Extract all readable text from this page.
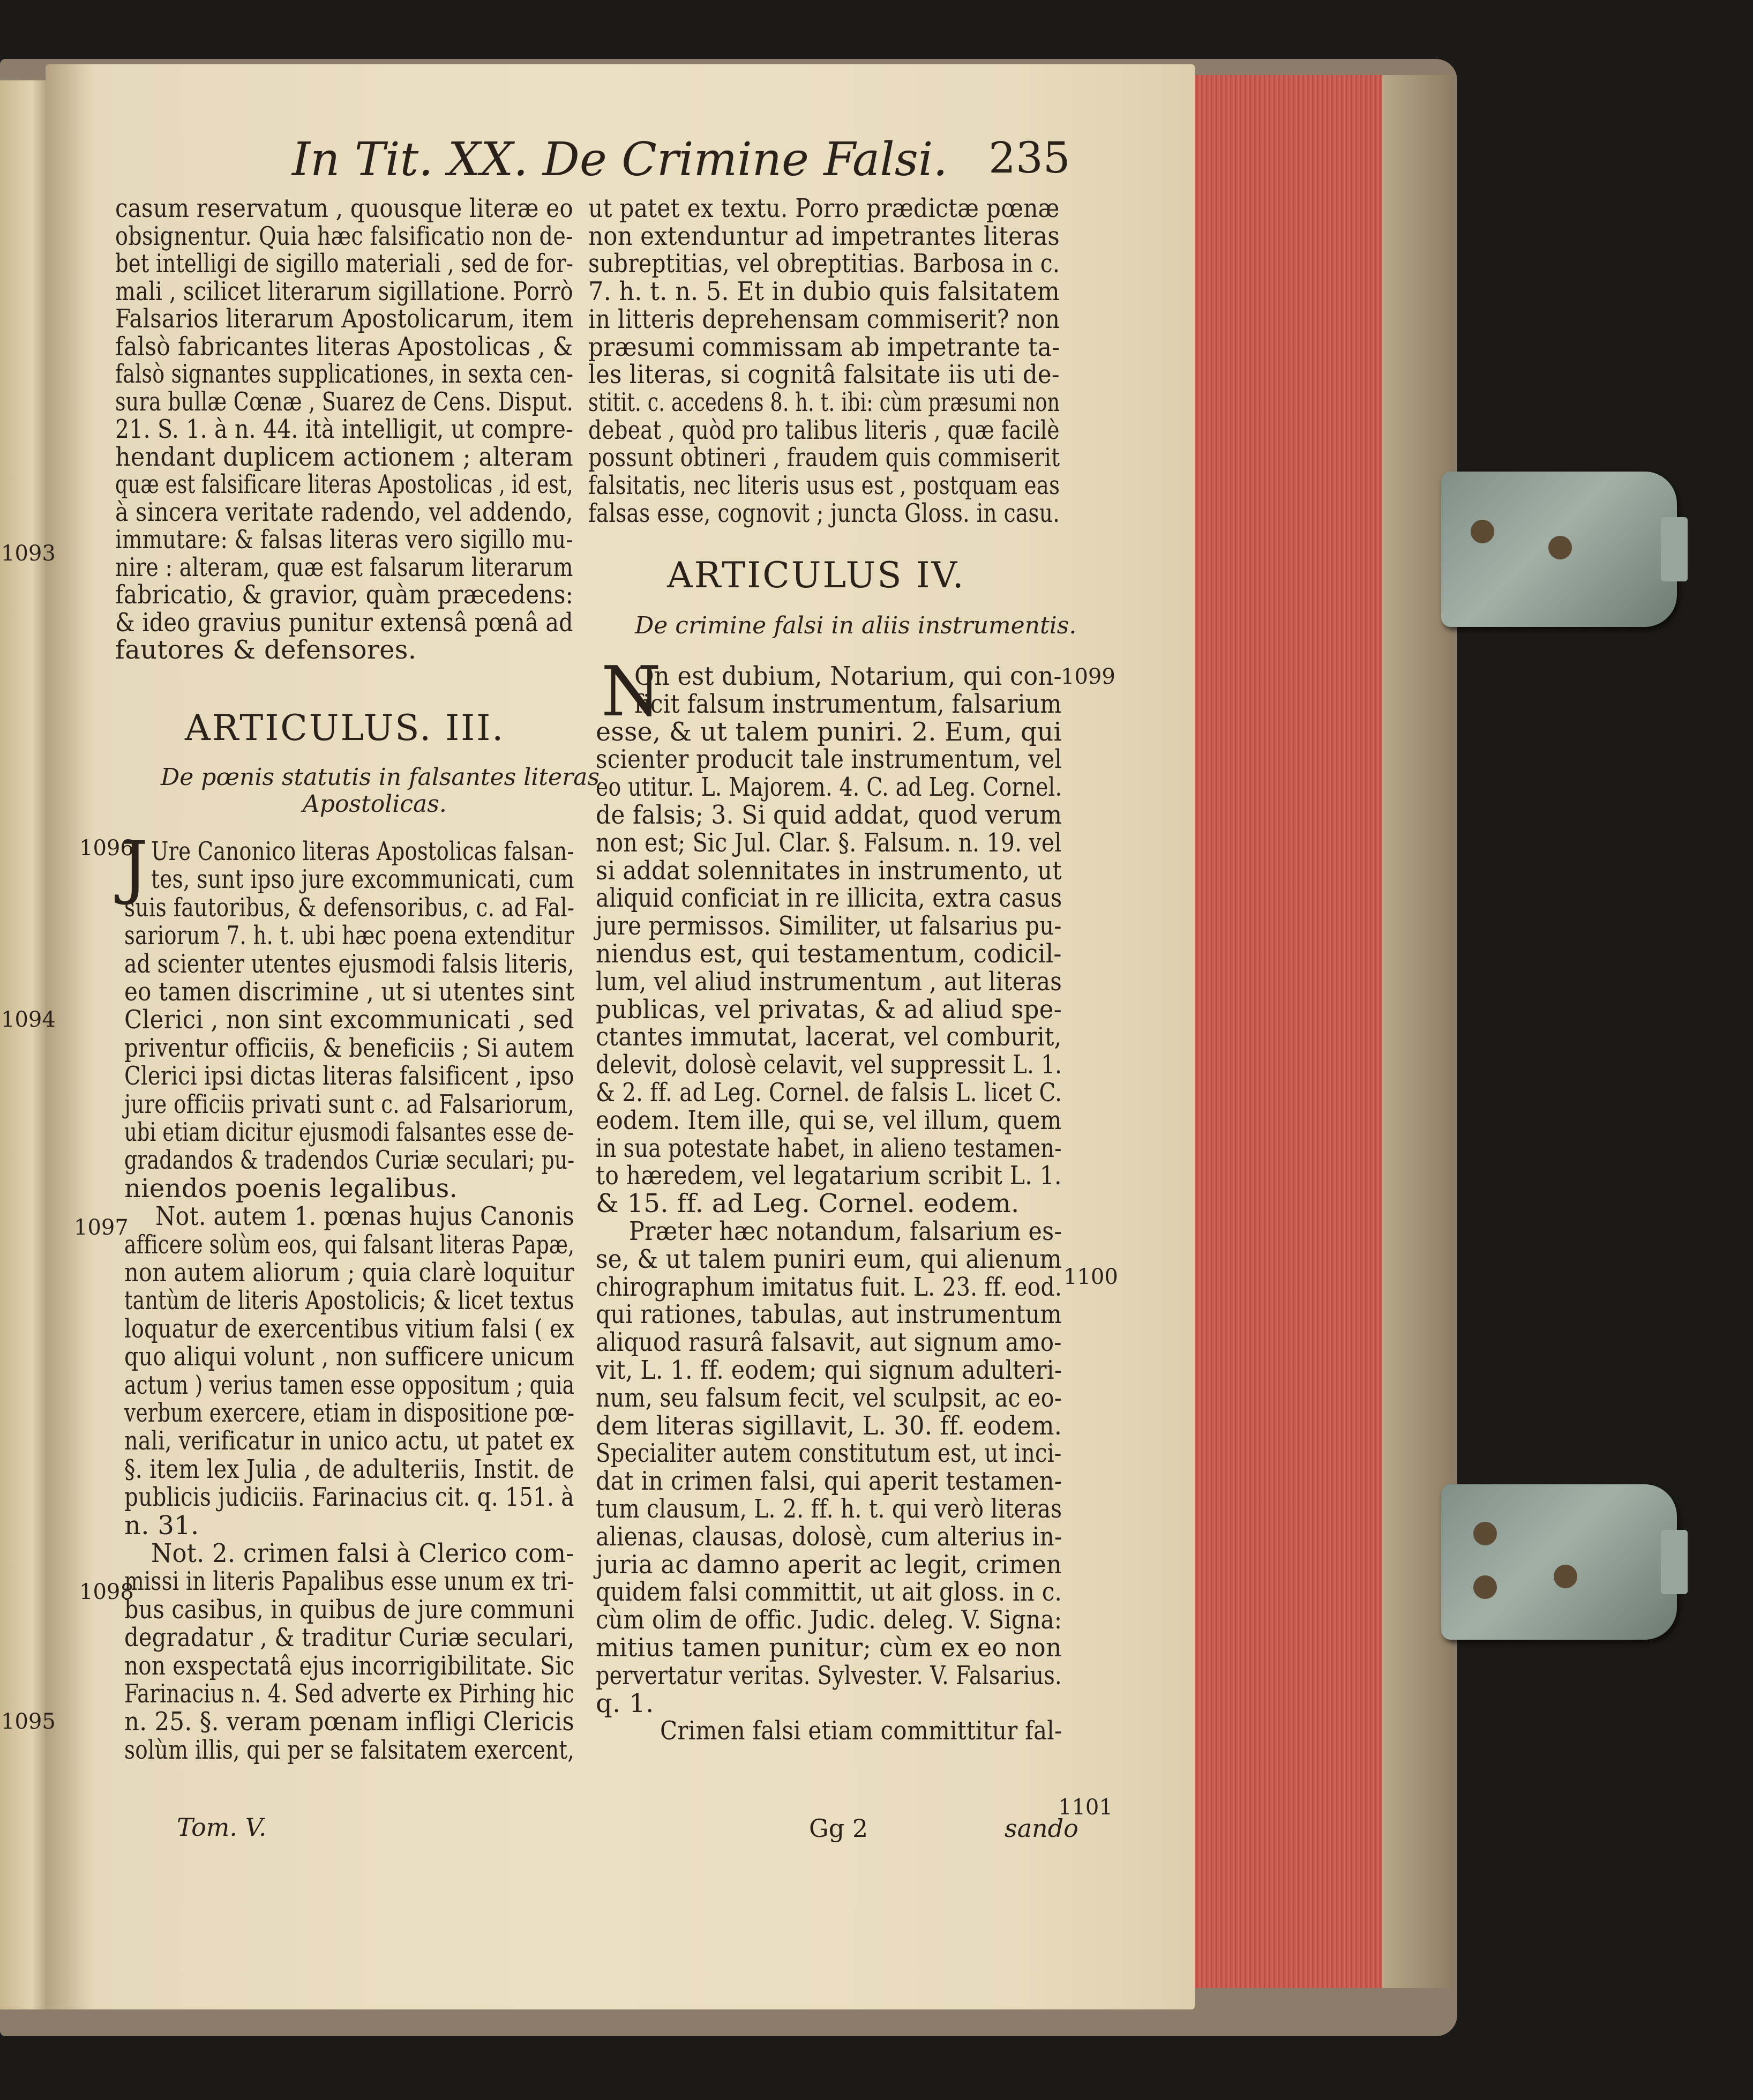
In Tit. XX. De Crimine Falsi. 235
casum reservatum , quousque literæ eo
obsignentur. Quia hæc falsificatio non de-
bet intelligi de sigillo materiali , sed de for-
mali , scilicet literarum sigillatione. Porrò
Falsarios literarum Apostolicarum, item
falsò fabricantes literas Apostolicas , &
falsò signantes supplicationes, in sexta cen-
sura bullæ Cœnæ , Suarez de Cens. Disput.
21. S. 1. à n. 44. ità intelligit, ut compre-
hendant duplicem actionem ; alteram
quæ est falsificare literas Apostolicas , id est,
à sincera veritate radendo, vel addendo,
immutare: & falsas literas vero sigillo mu-
nire : alteram, quæ est falsarum literarum
fabricatio, & gravior, quàm præcedens:
& ideo gravius punitur extensâ pœnâ ad
fautores & defensores.
ARTICULUS. III.
De pœnis statutis in falsantes literas
Apostolicas.
J Ure Canonico literas Apostolicas falsan-
tes, sunt ipso jure excommunicati, cum
suis fautoribus, & defensoribus, c. ad Fal-
sariorum 7. h. t. ubi hæc poena extenditur
ad scienter utentes ejusmodi falsis literis,
eo tamen discrimine , ut si utentes sint
Clerici , non sint excommunicati , sed
priventur officiis, & beneficiis ; Si autem
Clerici ipsi dictas literas falsificent , ipso
jure officiis privati sunt c. ad Falsariorum,
ubi etiam dicitur ejusmodi falsantes esse de-
gradandos & tradendos Curiæ seculari; pu-
niendos poenis legalibus.
Not. autem 1. pœnas hujus Canonis
afficere solùm eos, qui falsant literas Papæ,
non autem aliorum ; quia clarè loquitur
tantùm de literis Apostolicis; & licet textus
loquatur de exercentibus vitium falsi ( ex
quo aliqui volunt , non sufficere unicum
actum ) verius tamen esse oppositum ; quia
verbum exercere, etiam in dispositione pœ-
nali, verificatur in unico actu, ut patet ex
§. item lex Julia , de adulteriis, Instit. de
publicis judiciis. Farinacius cit. q. 151. à
n. 31.
Not. 2. crimen falsi à Clerico com-
missi in literis Papalibus esse unum ex tri-
bus casibus, in quibus de jure communi
degradatur , & traditur Curiæ seculari,
non exspectatâ ejus incorrigibilitate. Sic
Farinacius n. 4. Sed adverte ex Pirhing hic
n. 25. §. veram pœnam infligi Clericis
solùm illis, qui per se falsitatem exercent,
Tom. V.
ut patet ex textu. Porro prædictæ pœnæ
non extenduntur ad impetrantes literas
subreptitias, vel obreptitias. Barbosa in c.
7. h. t. n. 5. Et in dubio quis falsitatem
in litteris deprehensam commiserit? non
præsumi commissam ab impetrante ta-
les literas, si cognitâ falsitate iis uti de-
stitit. c. accedens 8. h. t. ibi: cùm præsumi non
debeat , quòd pro talibus literis , quæ facilè
possunt obtineri , fraudem quis commiserit
falsitatis, nec literis usus est , postquam eas
falsas esse, cognovit ; juncta Gloss. in casu.
ARTICULUS IV.
De crimine falsi in aliis instrumentis.
N
On est dubium, Notarium, qui con-
ficit falsum instrumentum, falsarium
esse, & ut talem puniri. 2. Eum, qui
scienter producit tale instrumentum, vel
eo utitur. L. Majorem. 4. C. ad Leg. Cornel.
de falsis; 3. Si quid addat, quod verum
non est; Sic Jul. Clar. §. Falsum. n. 19. vel
si addat solennitates in instrumento, ut
aliquid conficiat in re illicita, extra casus
jure permissos. Similiter, ut falsarius pu-
niendus est, qui testamentum, codicil-
lum, vel aliud instrumentum , aut literas
publicas, vel privatas, & ad aliud spe-
ctantes immutat, lacerat, vel comburit,
delevit, dolosè celavit, vel suppressit L. 1.
& 2. ff. ad Leg. Cornel. de falsis L. licet C.
eodem. Item ille, qui se, vel illum, quem
in sua potestate habet, in alieno testamen-
to hæredem, vel legatarium scribit L. 1.
& 15. ff. ad Leg. Cornel. eodem.
Præter hæc notandum, falsarium es-
se, & ut talem puniri eum, qui alienum
chirographum imitatus fuit. L. 23. ff. eod.
qui rationes, tabulas, aut instrumentum
aliquod rasurâ falsavit, aut signum amo-
vit, L. 1. ff. eodem; qui signum adulteri-
num, seu falsum fecit, vel sculpsit, ac eo-
dem literas sigillavit, L. 30. ff. eodem.
Specialiter autem constitutum est, ut inci-
dat in crimen falsi, qui aperit testamen-
tum clausum, L. 2. ff. h. t. qui verò literas
alienas, clausas, dolosè, cum alterius in-
juria ac damno aperit ac legit, crimen
quidem falsi committit, ut ait gloss. in c.
cùm olim de offic. Judic. deleg. V. Signa:
mitius tamen punitur; cùm ex eo non
pervertatur veritas. Sylvester. V. Falsarius.
q. 1.
Crimen falsi etiam committitur fal-
Gg 2	sando
1093
1094
1095
1096
1097
1098
1099
1100
1101
